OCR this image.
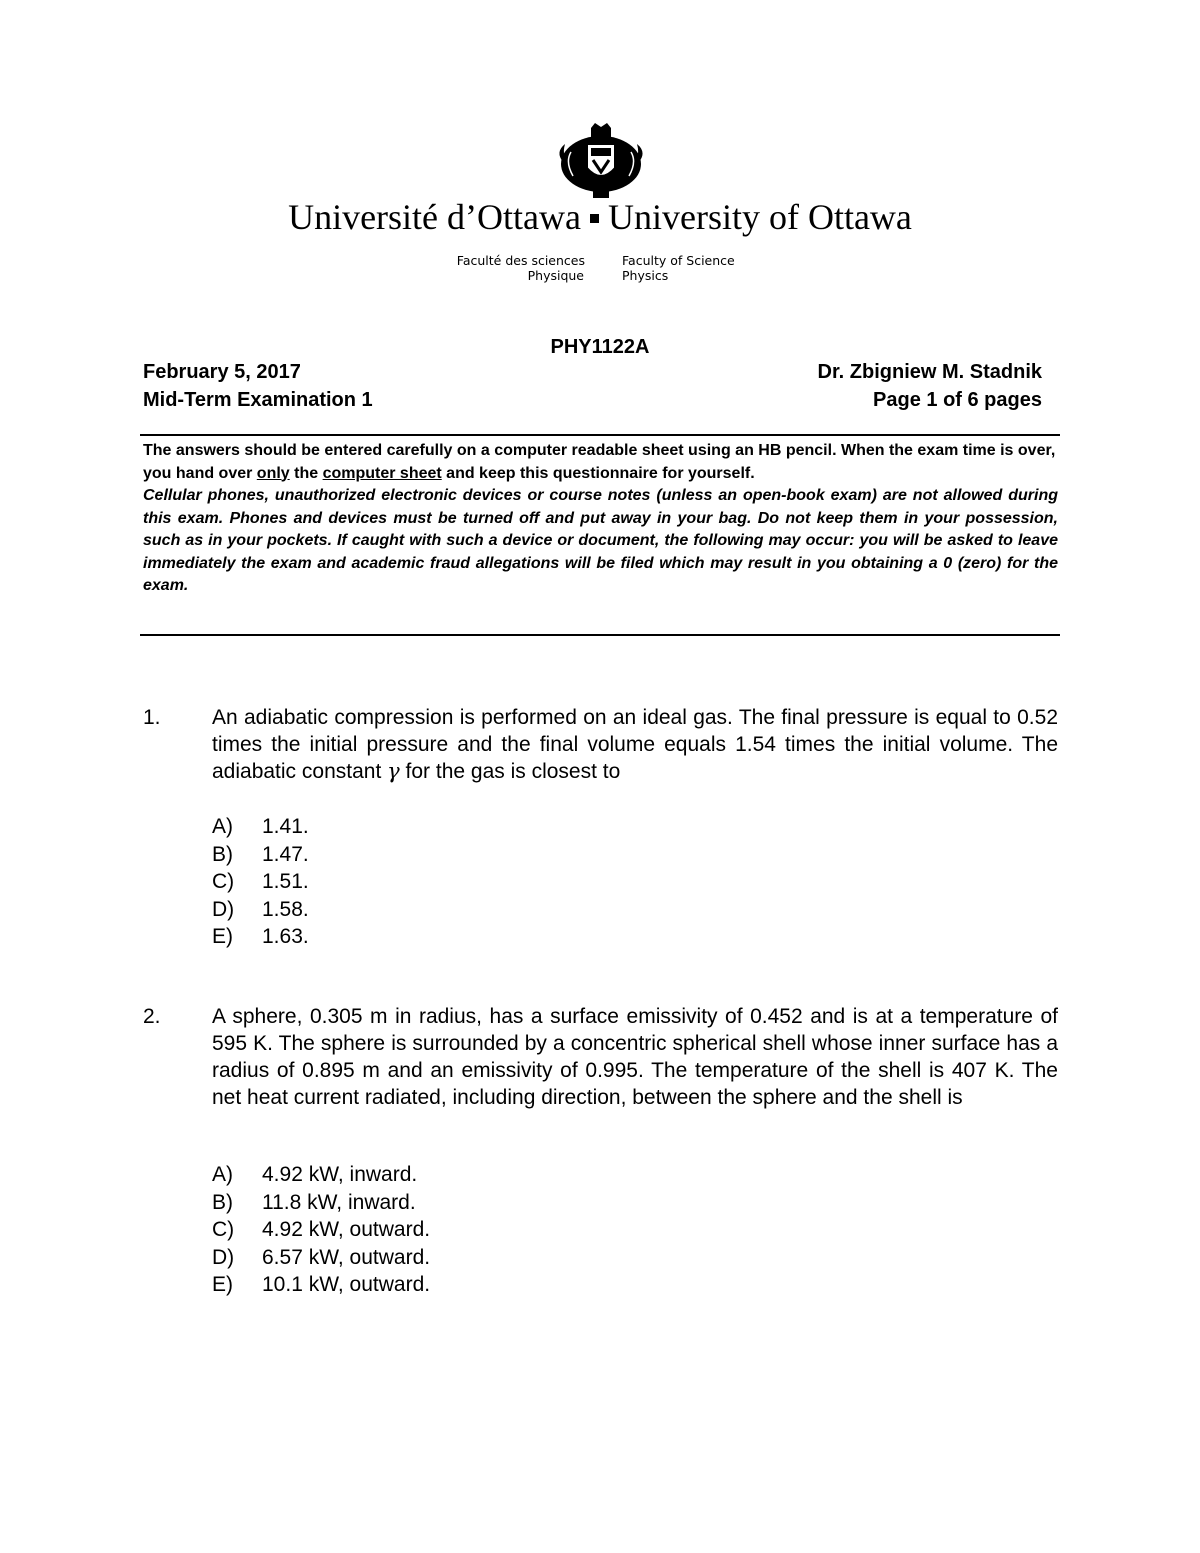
Université d’Ottawa University of Ottawa
Faculté des sciences
Physique
Faculty of Science
Physics
PHY1122A
February 5, 2017
Mid-Term Examination 1
Dr. Zbigniew M. Stadnik
Page 1 of 6 pages

The answers should be entered carefully on a computer readable sheet using an HB pencil. When the exam time is over, you hand over only the computer sheet and keep this questionnaire for yourself.

Cellular phones, unauthorized electronic devices or course notes (unless an open-book exam) are not allowed during this exam. Phones and devices must be turned off and put away in your bag. Do not keep them in your possession, such as in your pockets. If caught with such a device or document, the following may occur: you will be asked to leave immediately the exam and academic fraud allegations will be filed which may result in you obtaining a 0 (zero) for the exam.

1. An adiabatic compression is performed on an ideal gas. The final pressure is equal to 0.52 times the initial pressure and the final volume equals 1.54 times the initial volume. The adiabatic constant γ for the gas is closest to
A) 1.41.
B) 1.47.
C) 1.51.
D) 1.58.
E) 1.63.
2. A sphere, 0.305 m in radius, has a surface emissivity of 0.452 and is at a temperature of 595 K. The sphere is surrounded by a concentric spherical shell whose inner surface has a radius of 0.895 m and an emissivity of 0.995. The temperature of the shell is 407 K. The net heat current radiated, including direction, between the sphere and the shell is
A) 4.92 kW, inward.
B) 11.8 kW, inward.
C) 4.92 kW, outward.
D) 6.57 kW, outward.
E) 10.1 kW, outward.
